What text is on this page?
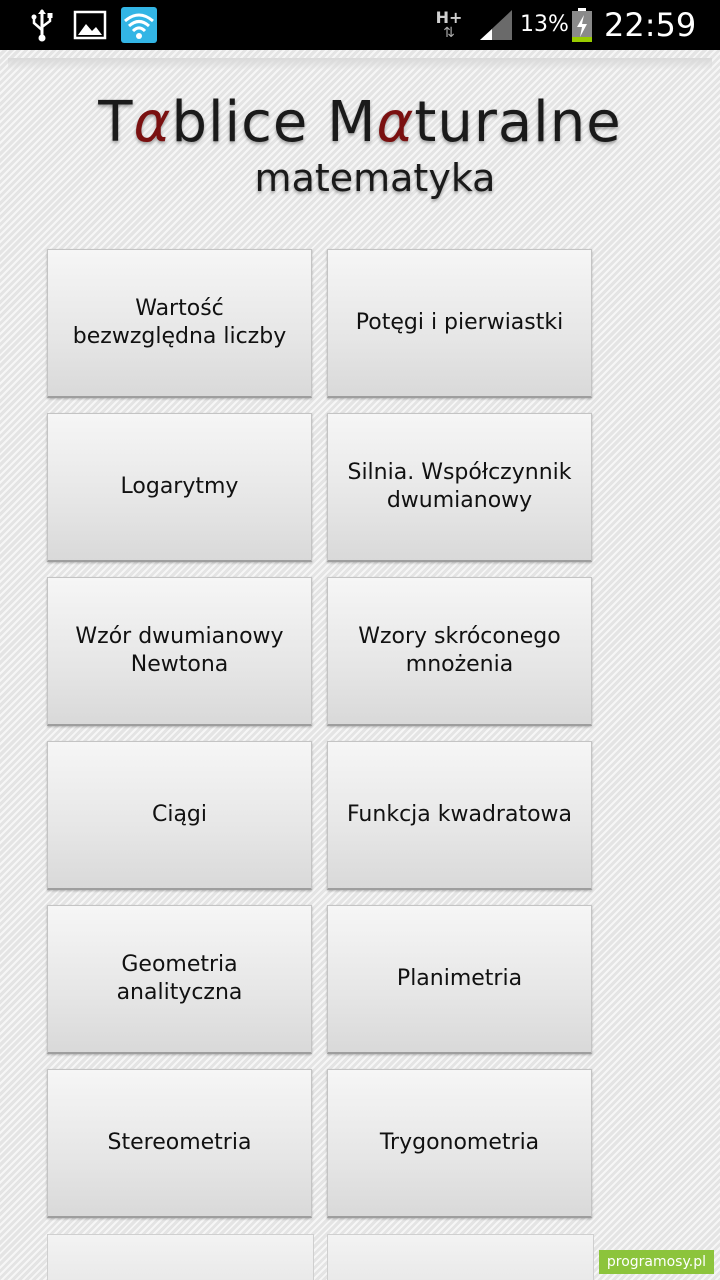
H+
⇅	13% 22:59
Tαblice Mαturalne
matematyka
Wartość bezwzględna liczby
Potęgi i pierwiastki
Logarytmy
Silnia. Współczynnik dwumianowy
Wzór dwumianowy Newtona
Wzory skróconego mnożenia
Ciągi	Funkcja kwadratowa
Geometria analityczna
Planimetria
Stereometria	Trygonometria
programosy.pl
